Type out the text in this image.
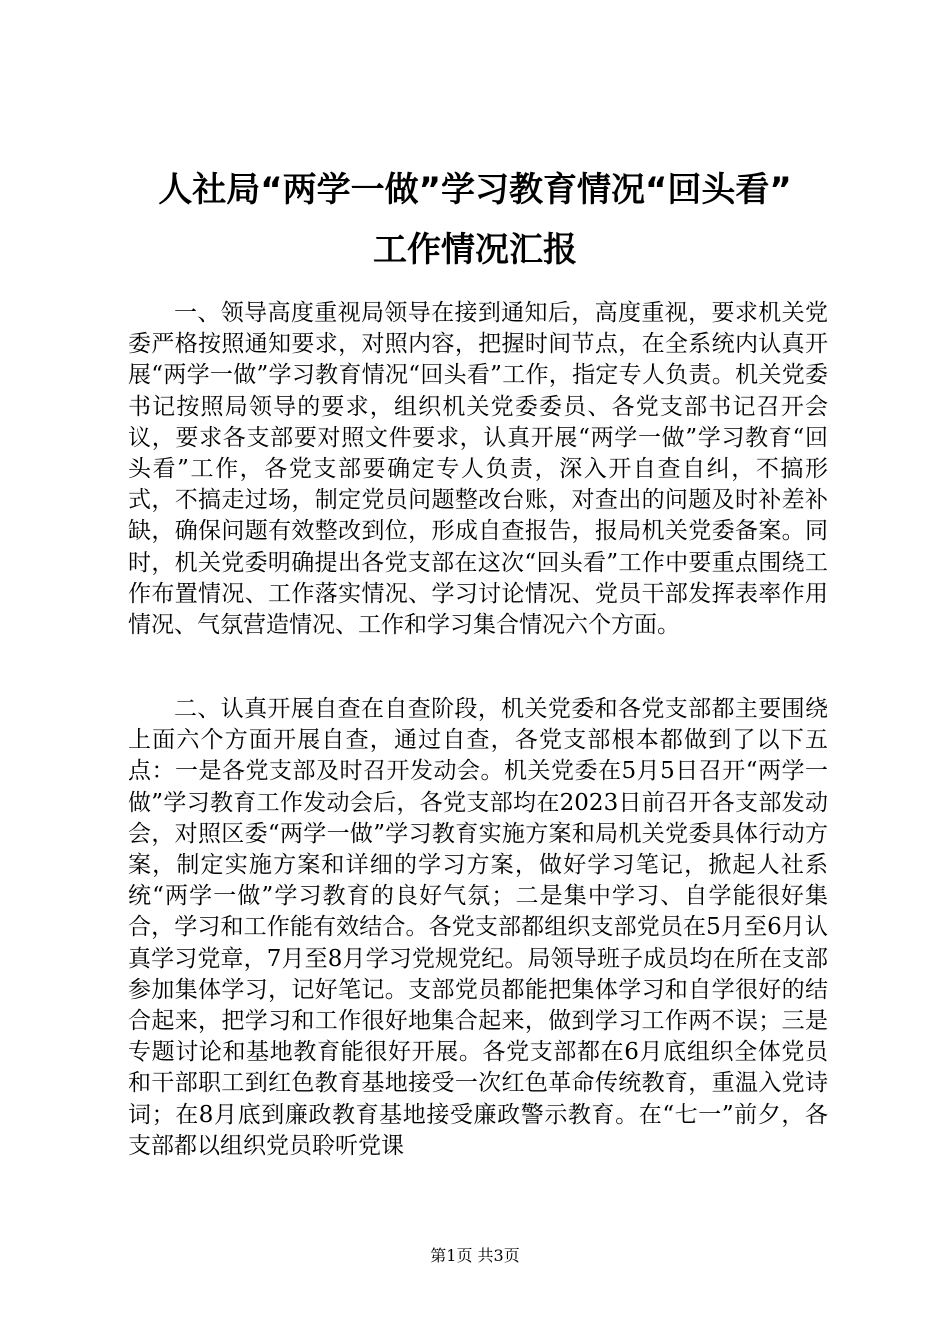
人社局“两学一做”学习教育情况“回头看”
工作情况汇报

一、领导高度重视局领导在接到通知后，高度重视，要求机关党委严格按照通知要求，对照内容，把握时间节点，在全系统内认真开展“两学一做”学习教育情况“回头看”工作，指定专人负责。机关党委书记按照局领导的要求，组织机关党委委员、各党支部书记召开会议，要求各支部要对照文件要求，认真开展“两学一做”学习教育“回头看”工作，各党支部要确定专人负责，深入开自查自纠，不搞形式，不搞走过场，制定党员问题整改台账，对查出的问题及时补差补缺，确保问题有效整改到位，形成自查报告，报局机关党委备案。同时，机关党委明确提出各党支部在这次“回头看”工作中要重点围绕工作布置情况、工作落实情况、学习讨论情况、党员干部发挥表率作用情况、气氛营造情况、工作和学习集合情况六个方面。

二、认真开展自查在自查阶段，机关党委和各党支部都主要围绕上面六个方面开展自查，通过自查，各党支部根本都做到了以下五点：一是各党支部及时召开发动会。机关党委在5月5日召开“两学一做”学习教育工作发动会后，各党支部均在2023日前召开各支部发动会，对照区委“两学一做”学习教育实施方案和局机关党委具体行动方案，制定实施方案和详细的学习方案，做好学习笔记，掀起人社系统“两学一做”学习教育的良好气氛；二是集中学习、自学能很好集合，学习和工作能有效结合。各党支部都组织支部党员在5月至6月认真学习党章，7月至8月学习党规党纪。局领导班子成员均在所在支部参加集体学习，记好笔记。支部党员都能把集体学习和自学很好的结合起来，把学习和工作很好地集合起来，做到学习工作两不误；三是专题讨论和基地教育能很好开展。各党支部都在6月底组织全体党员和干部职工到红色教育基地接受一次红色革命传统教育，重温入党诗词；在8月底到廉政教育基地接受廉政警示教育。在“七一”前夕，各支部都以组织党员聆听党课

第1页 共3页
